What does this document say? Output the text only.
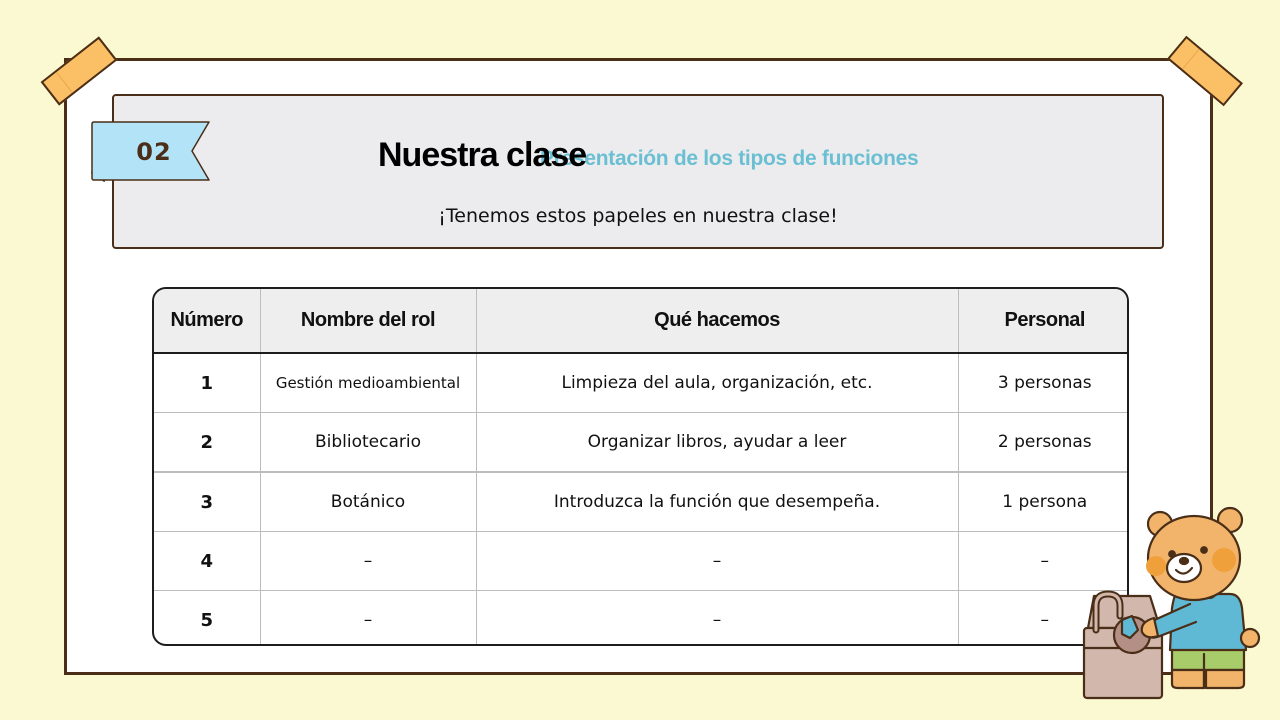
02	Presentación de los tipos de funciones
Nuestra clase
¡Tenemos estos papeles en nuestra clase!
Número	Nombre del rol	Qué hacemos	Personal
1	Gestión medioambiental	Limpieza del aula, organización, etc.	3 personas
2	Bibliotecario	Organizar libros, ayudar a leer	2 personas
3	Botánico	Introduzca la función que desempeña.	1 persona
4	–	–	–
5	–	–	–
